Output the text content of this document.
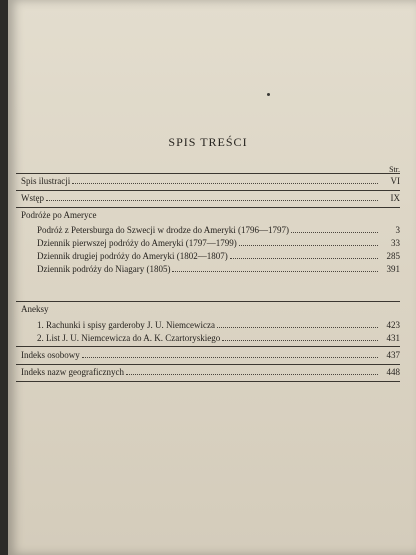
SPIS TREŚCI
Str.
Spis ilustracji	VI
Wstęp	IX
Podróże po Ameryce
Podróż z Petersburga do Szwecji w drodze do Ameryki (1796—1797)	3
Dziennik pierwszej podróży do Ameryki (1797—1799)	33
Dziennik drugiej podróży do Ameryki (1802—1807)	285
Dziennik podróży do Niagary (1805)	391
Aneksy
1. Rachunki i spisy garderoby J. U. Niemcewicza	423
2. List J. U. Niemcewicza do A. K. Czartoryskiego	431
Indeks osobowy	437
Indeks nazw geograficznych	448
